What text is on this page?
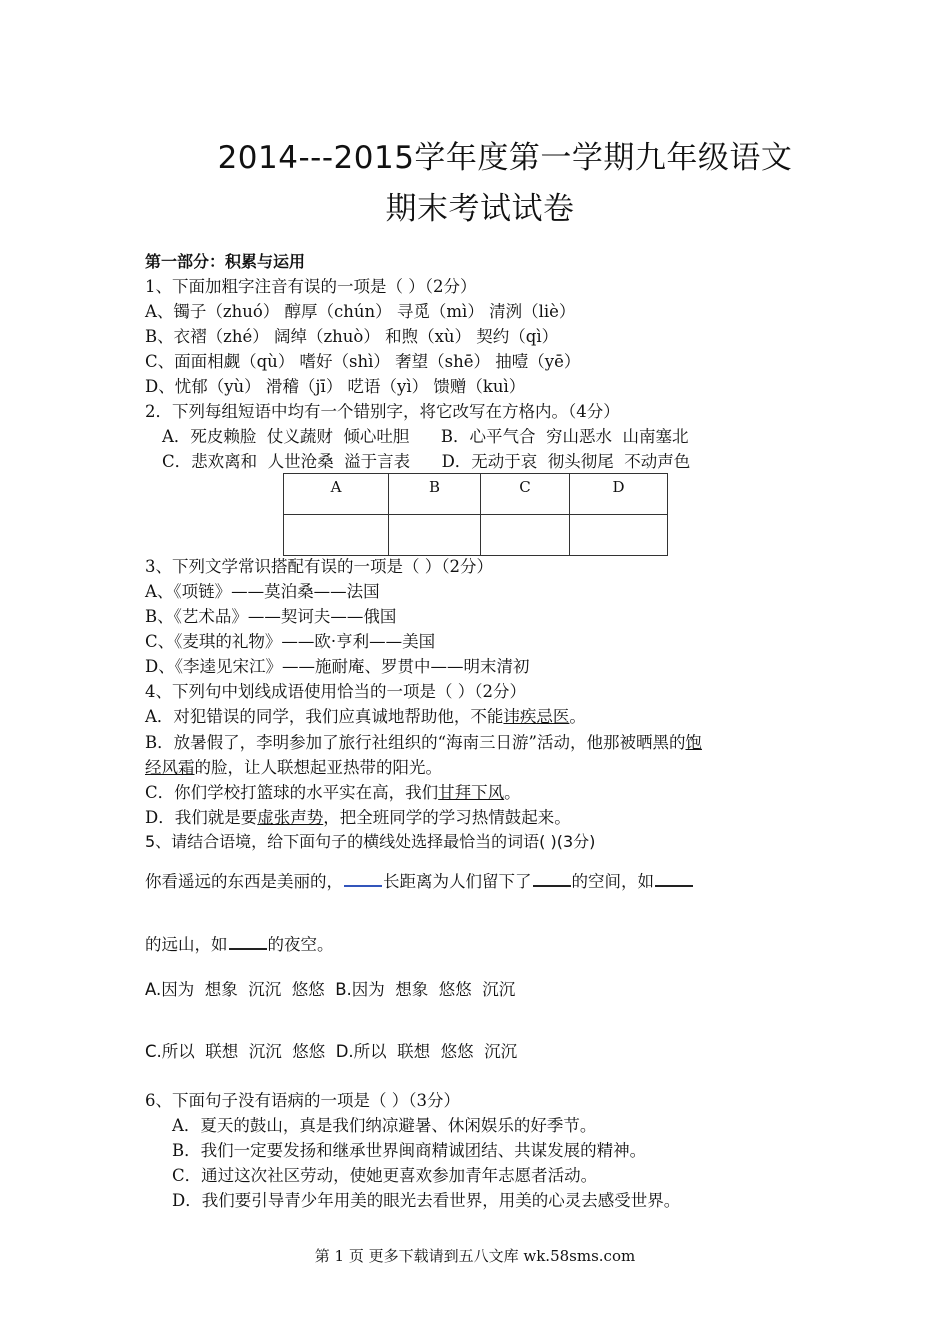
2014---2015学年度第一学期九年级语文
期末考试试卷
第一部分：积累与运用
1、下面加粗字注音有误的一项是（ ）（2分）
A、镯子（zhuó） 醇厚（chún） 寻觅（mì） 清洌（liè）
B、衣褶（zhé） 阔绰（zhuò） 和煦（xù） 契约（qì）
C、面面相觑（qù） 嗜好（shì） 奢望（shē） 抽噎（yē）
D、忧郁（yù） 滑稽（jī） 呓语（yì） 馈赠（kuì）
2．下列每组短语中均有一个错别字，将它改写在方格内。（4分）
A．死皮赖脸  仗义蔬财  倾心吐胆      B．心平气合  穷山恶水  山南塞北
C．悲欢离和  人世沧桑  溢于言表      D．无动于哀  彻头彻尾  不动声色
A	B	C	D

3、下列文学常识搭配有误的一项是（ ）（2分）
A、《项链》——莫泊桑——法国
B、《艺术品》——契诃夫——俄国
C、《麦琪的礼物》——欧·亨利——美国
D、《李逵见宋江》——施耐庵、罗贯中——明末清初
4、下列句中划线成语使用恰当的一项是（ ）（2分）
A．对犯错误的同学，我们应真诚地帮助他，不能讳疾忌医。
B．放暑假了，李明参加了旅行社组织的“海南三日游”活动，他那被晒黑的饱
经风霜的脸，让人联想起亚热带的阳光。
C．你们学校打篮球的水平实在高，我们甘拜下风。
D．我们就是要虚张声势，把全班同学的学习热情鼓起来。
5、请结合语境，给下面句子的横线处选择最恰当的词语( )(3分)
你看遥远的东西是美丽的， 长距离为人们留下了 的空间，如
的远山，如 的夜空。
A.因为  想象  沉沉  悠悠  B.因为  想象  悠悠  沉沉
C.所以  联想  沉沉  悠悠  D.所以  联想  悠悠  沉沉
6、下面句子没有语病的一项是（ ）（3分）
A．夏天的鼓山，真是我们纳凉避暑、休闲娱乐的好季节。
B．我们一定要发扬和继承世界闽商精诚团结、共谋发展的精神。
C．通过这次社区劳动，使她更喜欢参加青年志愿者活动。
D．我们要引导青少年用美的眼光去看世界，用美的心灵去感受世界。
第 1 页 更多下载请到五八文库 wk.58sms.com
